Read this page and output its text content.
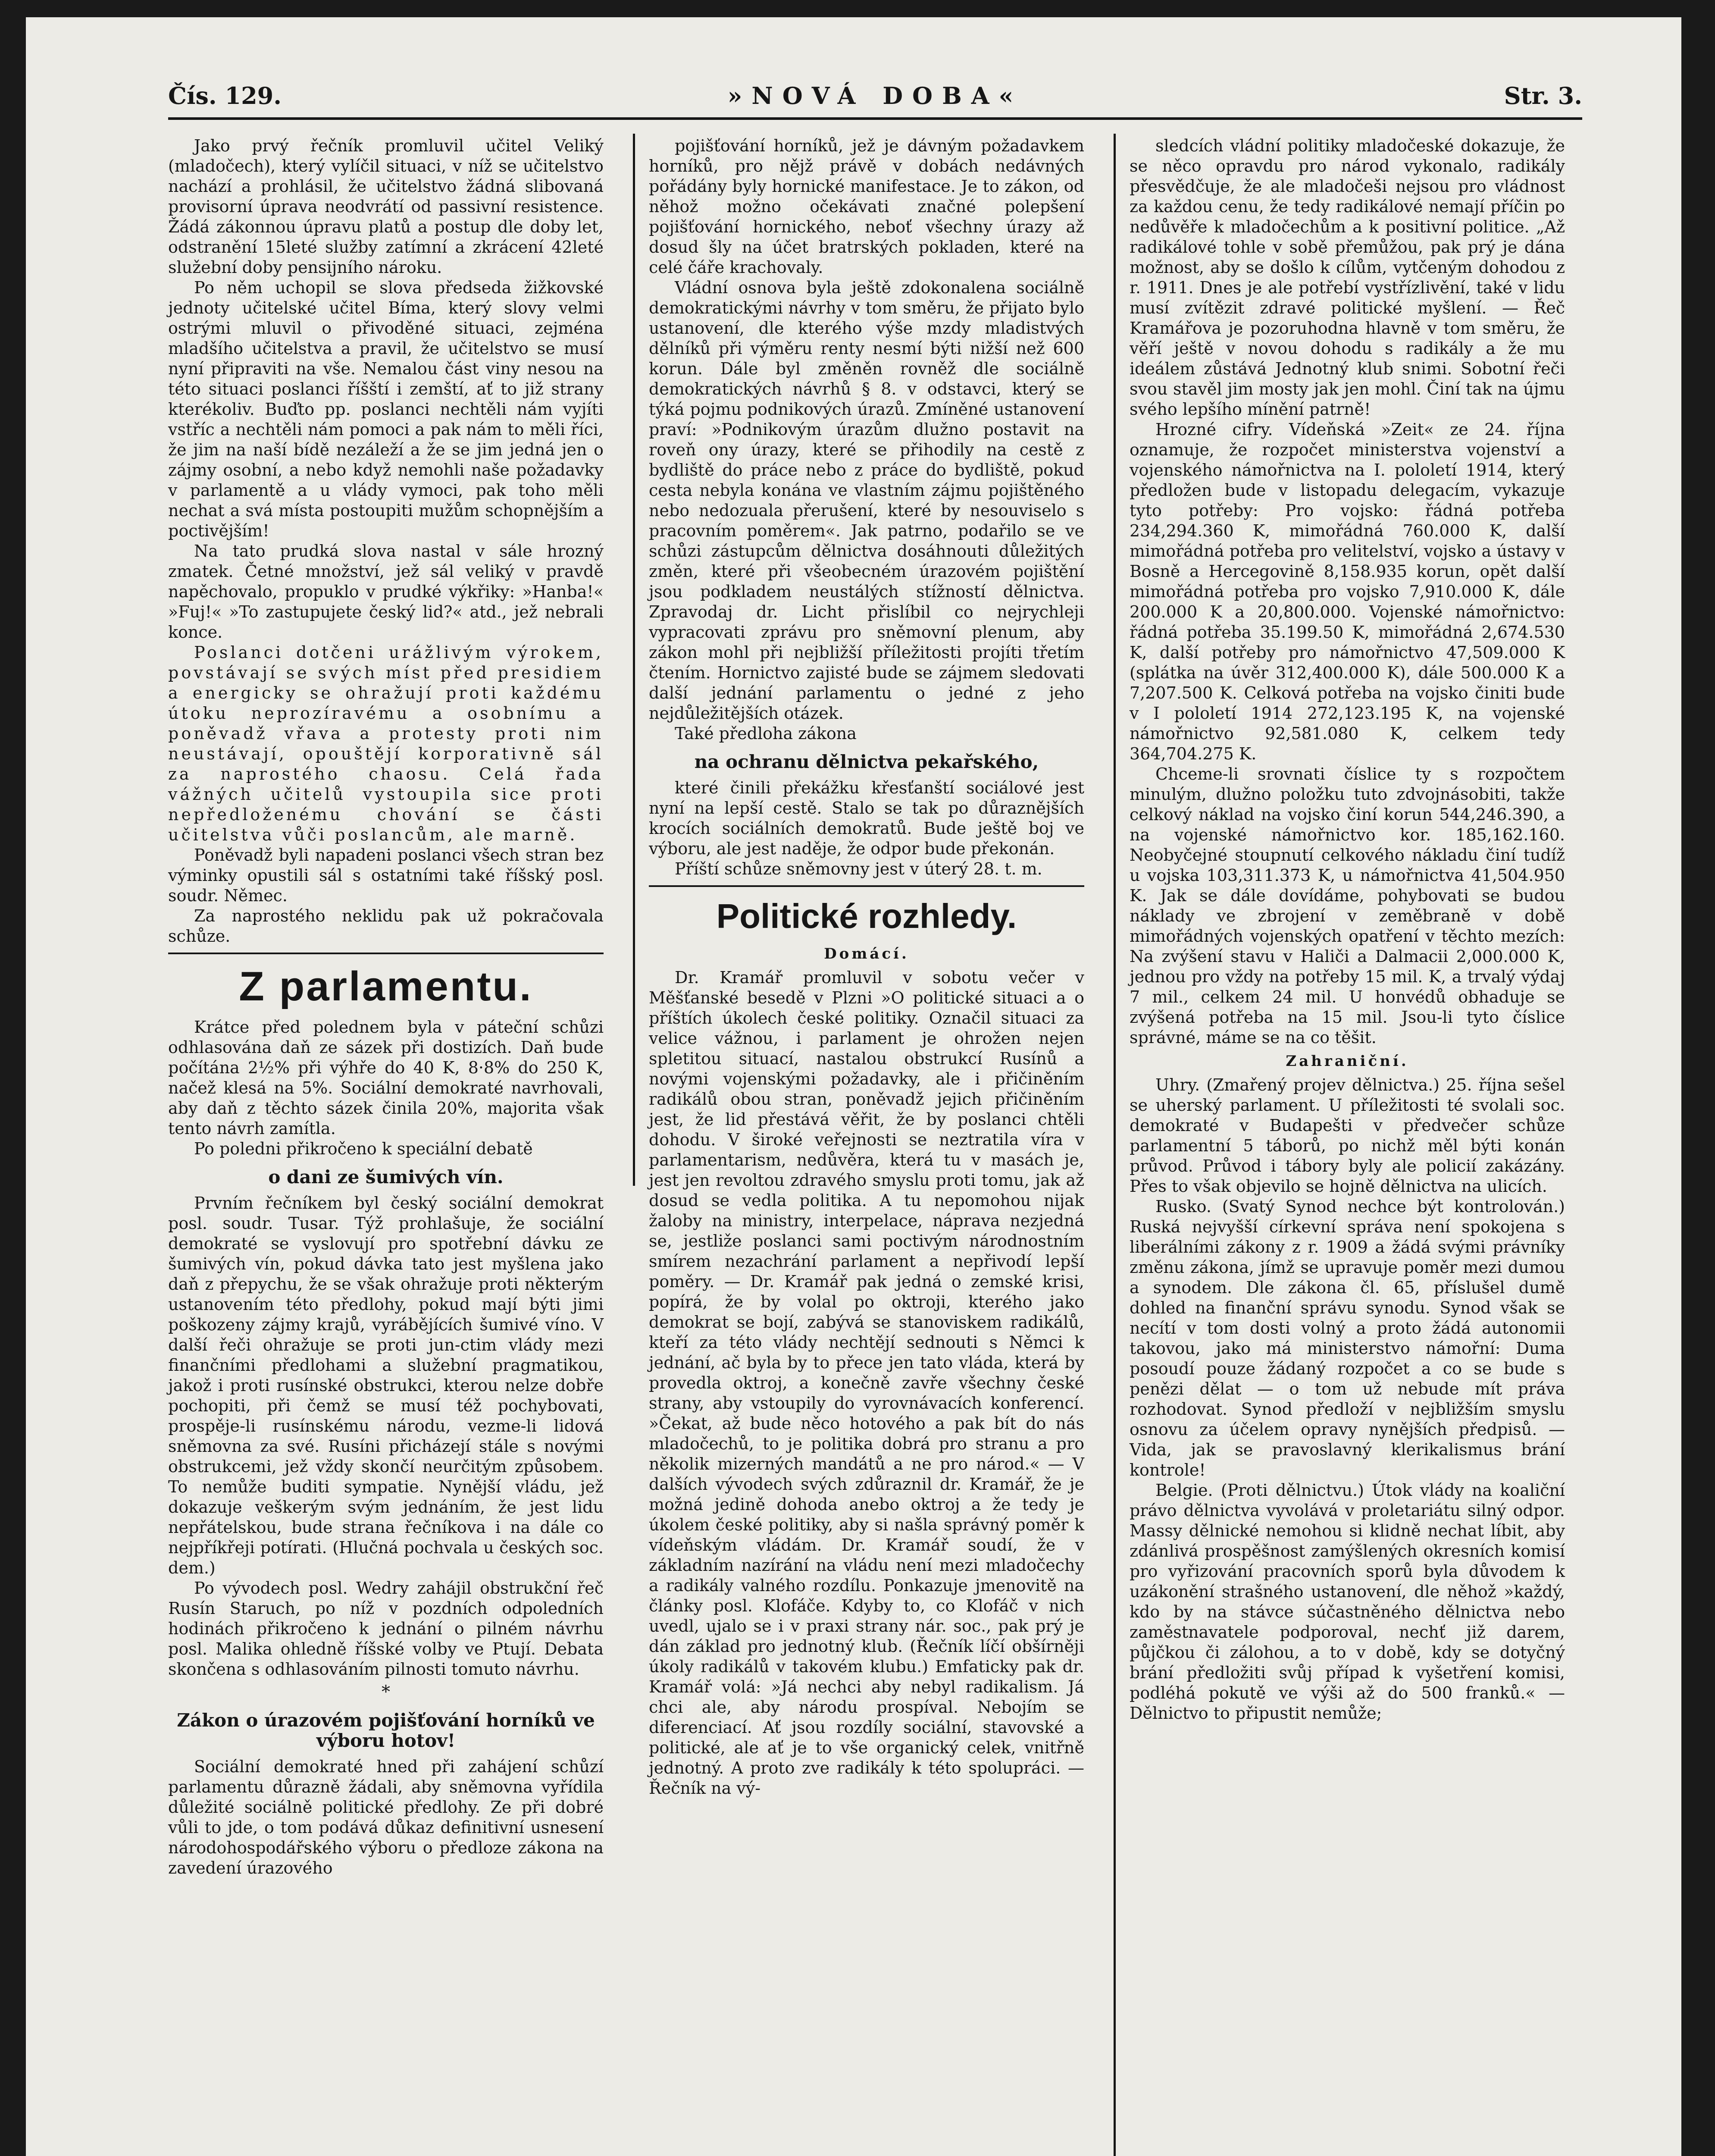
Čís. 129.	»NOVÁ DOBA«	Str. 3.

Jako prvý řečník promluvil učitel Veliký (mladočech), který vylíčil situaci, v níž se učitelstvo nachází a prohlásil, že učitelstvo žádná slibovaná provisorní úprava neodvrátí od passivní resistence. Žádá zákonnou úpravu platů a postup dle doby let, odstranění 15leté služby zatímní a zkrácení 42leté služební doby pensijního nároku.

Po něm uchopil se slova předseda žižkovské jednoty učitelské učitel Bíma, který slovy velmi ostrými mluvil o přivoděné situaci, zejména mladšího učitelstva a pravil, že učitelstvo se musí nyní připraviti na vše. Nemalou část viny nesou na této situaci poslanci říšští i zemští, ať to již strany kterékoliv. Buďto pp. poslanci nechtěli nám vyjíti vstříc a nechtěli nám pomoci a pak nám to měli říci, že jim na naší bídě nezáleží a že se jim jedná jen o zájmy osobní, a nebo když nemohli naše požadavky v parlamentě a u vlády vymoci, pak toho měli nechat a svá místa postoupiti mužům schopnějším a poctivějším!

Na tato prudká slova nastal v sále hrozný zmatek. Četné množství, jež sál veliký v pravdě napěchovalo, propuklo v prudké výkřiky: »Hanba!« »Fuj!« »To zastupujete český lid?« atd., jež nebrali konce.

Poslanci dotčeni urážlivým výrokem, povstávají se svých míst před presidiem a energicky se ohražují proti každému útoku neprozíravému a osobnímu a poněvadž vřava a protesty proti nim neustávají, opouštějí korporativně sál za naprostého chaosu. Celá řada vážných učitelů vystoupila sice proti nepředloženému chování se části učitelstva vůči poslancům, ale marně.

Poněvadž byli napadeni poslanci všech stran bez výminky opustili sál s ostatními také říšský posl. soudr. Němec.

Za naprostého neklidu pak už pokračovala schůze.

Z parlamentu.

Krátce před polednem byla v páteční schůzi odhlasována daň ze sázek při dostizích. Daň bude počítána 2½% při výhře do 40 K, 8·8% do 250 K, načež klesá na 5%. Sociální demokraté navrhovali, aby daň z těchto sázek činila 20%, majorita však tento návrh zamítla.

Po poledni přikročeno k speciální debatě

o dani ze šumivých vín.

Prvním řečníkem byl český sociální demokrat posl. soudr. Tusar. Týž prohlašuje, že sociální demokraté se vyslovují pro spotřební dávku ze šumivých vín, pokud dávka tato jest myšlena jako daň z přepychu, že se však ohražuje proti některým ustanovením této předlohy, pokud mají býti jimi poškozeny zájmy krajů, vyrábějících šumivé víno. V další řeči ohražuje se proti jun-ctim vlády mezi finančními předlohami a služební pragmatikou, jakož i proti rusínské obstrukci, kterou nelze dobře pochopiti, při čemž se musí též pochybovati, prospěje-li rusínskému národu, vezme-li lidová sněmovna za své. Rusíni přicházejí stále s novými obstrukcemi, jež vždy skončí neurčitým způsobem. To nemůže buditi sympatie. Nynější vládu, jež dokazuje veškerým svým jednáním, že jest lidu nepřátelskou, bude strana řečníkova i na dále co nejpříkřeji potírati. (Hlučná pochvala u českých soc. dem.)

Po vývodech posl. Wedry zahájil obstrukční řeč Rusín Staruch, po níž v pozdních odpoledních hodinách přikročeno k jednání o pilném návrhu posl. Malika ohledně říšské volby ve Ptují. Debata skončena s odhlasováním pilnosti tomuto návrhu.

*
Zákon o úrazovém pojišťování horníků ve výboru hotov!

Sociální demokraté hned při zahájení schůzí parlamentu důrazně žádali, aby sněmovna vyřídila důležité sociálně politické předlohy. Ze při dobré vůli to jde, o tom podává důkaz definitivní usnesení národohospodářského výboru o předloze zákona na zavedení úrazového

pojišťování horníků, jež je dávným požadavkem horníků, pro nějž právě v dobách nedávných pořádány byly hornické manifestace. Je to zákon, od něhož možno očekávati značné polepšení pojišťování hornického, neboť všechny úrazy až dosud šly na účet bratrských pokladen, které na celé čáře krachovaly.

Vládní osnova byla ještě zdokonalena sociálně demokratickými návrhy v tom směru, že přijato bylo ustanovení, dle kterého výše mzdy mladistvých dělníků při výměru renty nesmí býti nižší než 600 korun. Dále byl změněn rovněž dle sociálně demokratických návrhů § 8. v odstavci, který se týká pojmu podnikových úrazů. Zmíněné ustanovení praví: »Podnikovým úrazům dlužno postavit na roveň ony úrazy, které se přihodily na cestě z bydliště do práce nebo z práce do bydliště, pokud cesta nebyla konána ve vlastním zájmu pojištěného nebo nedozuala přerušení, které by nesouviselo s pracovním poměrem«. Jak patrno, podařilo se ve schůzi zástupcům dělnictva dosáhnouti důležitých změn, které při všeobecném úrazovém pojištění jsou podkladem neustálých stížností dělnictva. Zpravodaj dr. Licht přislíbil co nejrychleji vypracovati zprávu pro sněmovní plenum, aby zákon mohl při nejbližší příležitosti projíti třetím čtením. Hornictvo zajisté bude se zájmem sledovati další jednání parlamentu o jedné z jeho nejdůležitějších otázek.

Také předloha zákona

na ochranu dělnictva pekařského,

které činili překážku křesťanští sociálové jest nyní na lepší cestě. Stalo se tak po důraznějších krocích sociálních demokratů. Bude ještě boj ve výboru, ale jest naděje, že odpor bude překonán.

Příští schůze sněmovny jest v úterý 28. t. m.

Politické rozhledy.
Domácí.

Dr. Kramář promluvil v sobotu večer v Měšťanské besedě v Plzni »O politické situaci a o příštích úkolech české politiky. Označil situaci za velice vážnou, i parlament je ohrožen nejen spletitou situací, nastalou obstrukcí Rusínů a novými vojenskými požadavky, ale i přičiněním radikálů obou stran, poněvadž jejich přičiněním jest, že lid přestává věřit, že by poslanci chtěli dohodu. V široké veřejnosti se neztratila víra v parlamentarism, nedůvěra, která tu v masách je, jest jen revoltou zdravého smyslu proti tomu, jak až dosud se vedla politika. A tu nepomohou nijak žaloby na ministry, interpelace, náprava nezjedná se, jestliže poslanci sami poctivým národnostním smírem nezachrání parlament a nepřivodí lepší poměry. — Dr. Kramář pak jedná o zemské krisi, popírá, že by volal po oktroji, kterého jako demokrat se bojí, zabývá se stanoviskem radikálů, kteří za této vlády nechtějí sednouti s Němci k jednání, ač byla by to přece jen tato vláda, která by provedla oktroj, a konečně zavře všechny české strany, aby vstoupily do vyrovnávacích konferencí. »Čekat, až bude něco hotového a pak bít do nás mladočechů, to je politika dobrá pro stranu a pro několik mizerných mandátů a ne pro národ.« — V dalších vývodech svých zdůraznil dr. Kramář, že je možná jedině dohoda anebo oktroj a že tedy je úkolem české politiky, aby si našla správný poměr k vídeňským vládám. Dr. Kramář soudí, že v základním nazírání na vládu není mezi mladočechy a radikály valného rozdílu. Ponkazuje jmenovitě na články posl. Klofáče. Kdyby to, co Klofáč v nich uvedl, ujalo se i v praxi strany nár. soc., pak prý je dán základ pro jednotný klub. (Řečník líčí obšírněji úkoly radikálů v takovém klubu.) Emfaticky pak dr. Kramář volá: »Já nechci aby nebyl radikalism. Já chci ale, aby národu prospíval. Nebojím se diferenciací. Ať jsou rozdíly sociální, stavovské a politické, ale ať je to vše organický celek, vnitřně jednotný. A proto zve radikály k této spolupráci. — Řečník na vý-

sledcích vládní politiky mladočeské dokazuje, že se něco opravdu pro národ vykonalo, radikály přesvědčuje, že ale mladočeši nejsou pro vládnost za každou cenu, že tedy radikálové nemají příčin po nedůvěře k mladočechům a k positivní politice. „Až radikálové tohle v sobě přemůžou, pak prý je dána možnost, aby se došlo k cílům, vytčeným dohodou z r. 1911. Dnes je ale potřebí vystřízlivění, také v lidu musí zvítězit zdravé politické myšlení. — Řeč Kramářova je pozoruhodna hlavně v tom směru, že věří ještě v novou dohodu s radikály a že mu ideálem zůstává Jednotný klub snimi. Sobotní řeči svou stavěl jim mosty jak jen mohl. Činí tak na újmu svého lepšího mínění patrně!

Hrozné cifry. Vídeňská »Zeit« ze 24. října oznamuje, že rozpočet ministerstva vojenství a vojenského námořnictva na I. pololetí 1914, který předložen bude v listopadu delegacím, vykazuje tyto potřeby: Pro vojsko: řádná potřeba 234,294.360 K, mimořádná 760.000 K, další mimořádná potřeba pro velitelství, vojsko a ústavy v Bosně a Hercegovině 8,158.935 korun, opět další mimořádná potřeba pro vojsko 7,910.000 K, dále 200.000 K a 20,800.000. Vojenské námořnictvo: řádná potřeba 35.199.50 K, mimořádná 2,674.530 K, další potřeby pro námořnictvo 47,509.000 K (splátka na úvěr 312,400.000 K), dále 500.000 K a 7,207.500 K. Celková potřeba na vojsko činiti bude v I pololetí 1914 272,123.195 K, na vojenské námořnictvo 92,581.080 K, celkem tedy 364,704.275 K.

Chceme-li srovnati číslice ty s rozpočtem minulým, dlužno položku tuto zdvojnásobiti, takže celkový náklad na vojsko činí korun 544,246.390, a na vojenské námořnictvo kor. 185,162.160. Neobyčejné stoupnutí celkového nákladu činí tudíž u vojska 103,311.373 K, u námořnictva 41,504.950 K. Jak se dále dovídáme, pohybovati se budou náklady ve zbrojení v zeměbraně v době mimořádných vojenských opatření v těchto mezích: Na zvýšení stavu v Haliči a Dalmacii 2,000.000 K, jednou pro vždy na potřeby 15 mil. K, a trvalý výdaj 7 mil., celkem 24 mil. U honvédů obhaduje se zvýšená potřeba na 15 mil. Jsou-li tyto číslice správné, máme se na co těšit.

Zahraniční.

Uhry. (Zmařený projev dělnictva.) 25. října sešel se uherský parlament. U příležitosti té svolali soc. demokraté v Budapešti v předvečer schůze parlamentní 5 táborů, po nichž měl býti konán průvod. Průvod i tábory byly ale policií zakázány. Přes to však objevilo se hojně dělnictva na ulicích.

Rusko. (Svatý Synod nechce být kontrolován.) Ruská nejvyšší církevní správa není spokojena s liberálními zákony z r. 1909 a žádá svými právníky změnu zákona, jímž se upravuje poměr mezi dumou a synodem. Dle zákona čl. 65, příslušel dumě dohled na finanční správu synodu. Synod však se necítí v tom dosti volný a proto žádá autonomii takovou, jako má ministerstvo námořní: Duma posoudí pouze žádaný rozpočet a co se bude s penězi dělat — o tom už nebude mít práva rozhodovat. Synod předloží v nejbližším smyslu osnovu za účelem opravy nynějších předpisů. — Vida, jak se pravoslavný klerikalismus brání kontrole!

Belgie. (Proti dělnictvu.) Útok vlády na koaliční právo dělnictva vyvolává v proletariátu silný odpor. Massy dělnické nemohou si klidně nechat líbit, aby zdánlivá prospěšnost zamýšlených okresních komisí pro vyřizování pracovních sporů byla důvodem k uzákonění strašného ustanovení, dle něhož »každý, kdo by na stávce súčastněného dělnictva nebo zaměstnavatele podporoval, nechť již darem, půjčkou či zálohou, a to v době, kdy se dotyčný brání předložiti svůj případ k vyšetření komisi, podléhá pokutě ve výši až do 500 franků.« — Dělnictvo to připustit nemůže;
